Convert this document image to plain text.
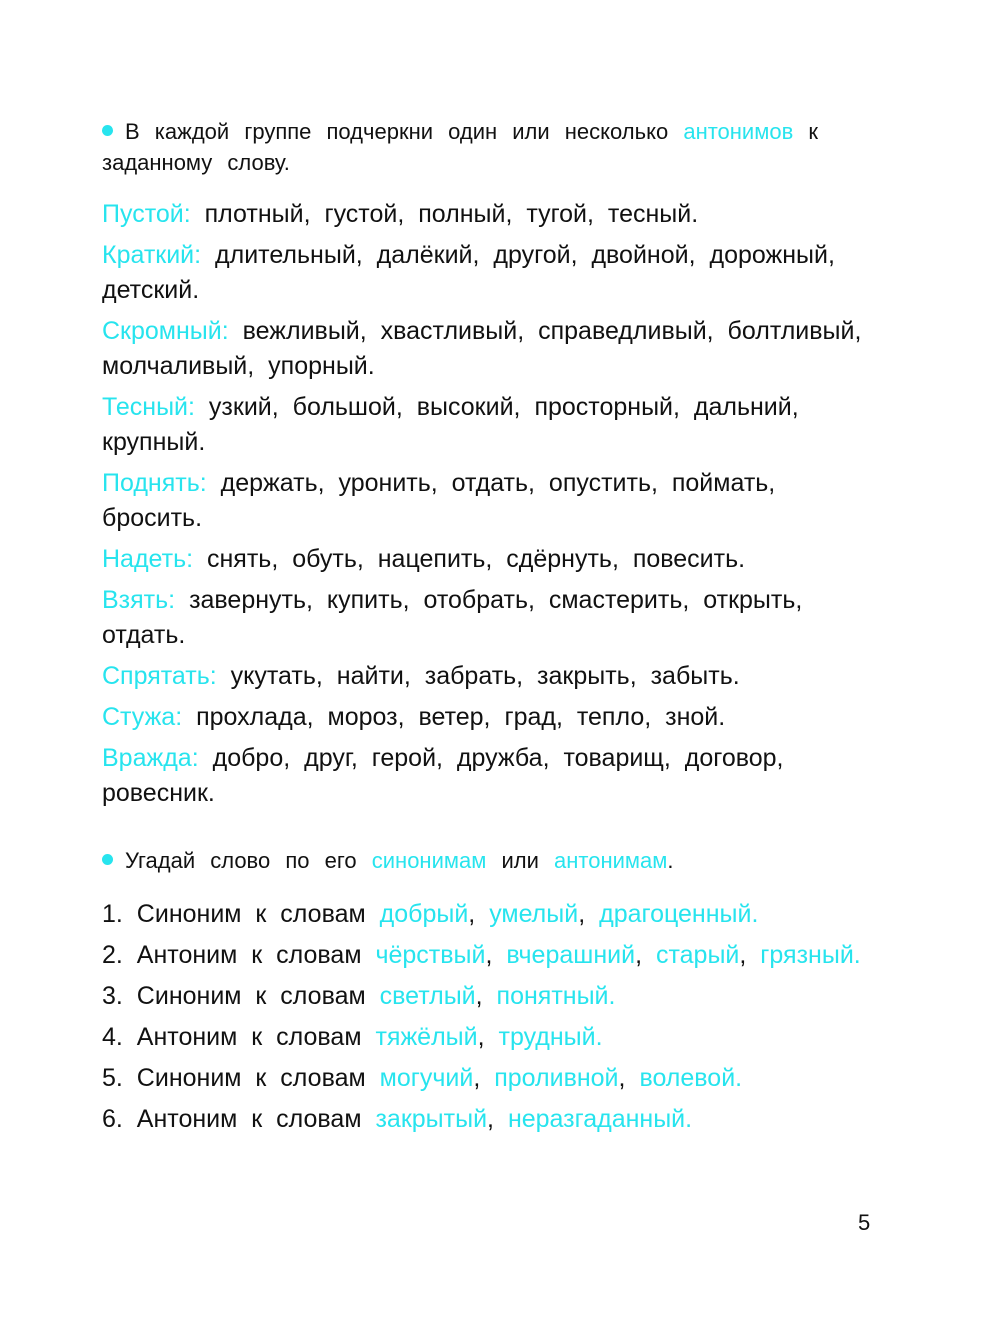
В каждой группе подчеркни один или несколько антонимов к заданному слову.
Пустой: плотный, густой, полный, тугой, тесный.
Краткий: длительный, далёкий, другой, двойной, дорожный, детский.
Скромный: вежливый, хвастливый, справедливый, болтливый, молчаливый, упорный.
Тесный: узкий, большой, высокий, просторный, дальний, крупный.
Поднять: держать, уронить, отдать, опустить, поймать, бросить.
Надеть: снять, обуть, нацепить, сдёрнуть, повесить.
Взять: завернуть, купить, отобрать, смастерить, открыть, отдать.
Спрятать: укутать, найти, забрать, закрыть, забыть.
Стужа: прохлада, мороз, ветер, град, тепло, зной.
Вражда: добро, друг, герой, дружба, товарищ, договор, ровесник.
Угадай слово по его синонимам или антонимам.
1. Синоним к словам добрый, умелый, драгоценный.
2. Антоним к словам чёрствый, вчерашний, старый, грязный.
3. Синоним к словам светлый, понятный.
4. Антоним к словам тяжёлый, трудный.
5. Синоним к словам могучий, проливной, волевой.
6. Антоним к словам закрытый, неразгаданный.
5
